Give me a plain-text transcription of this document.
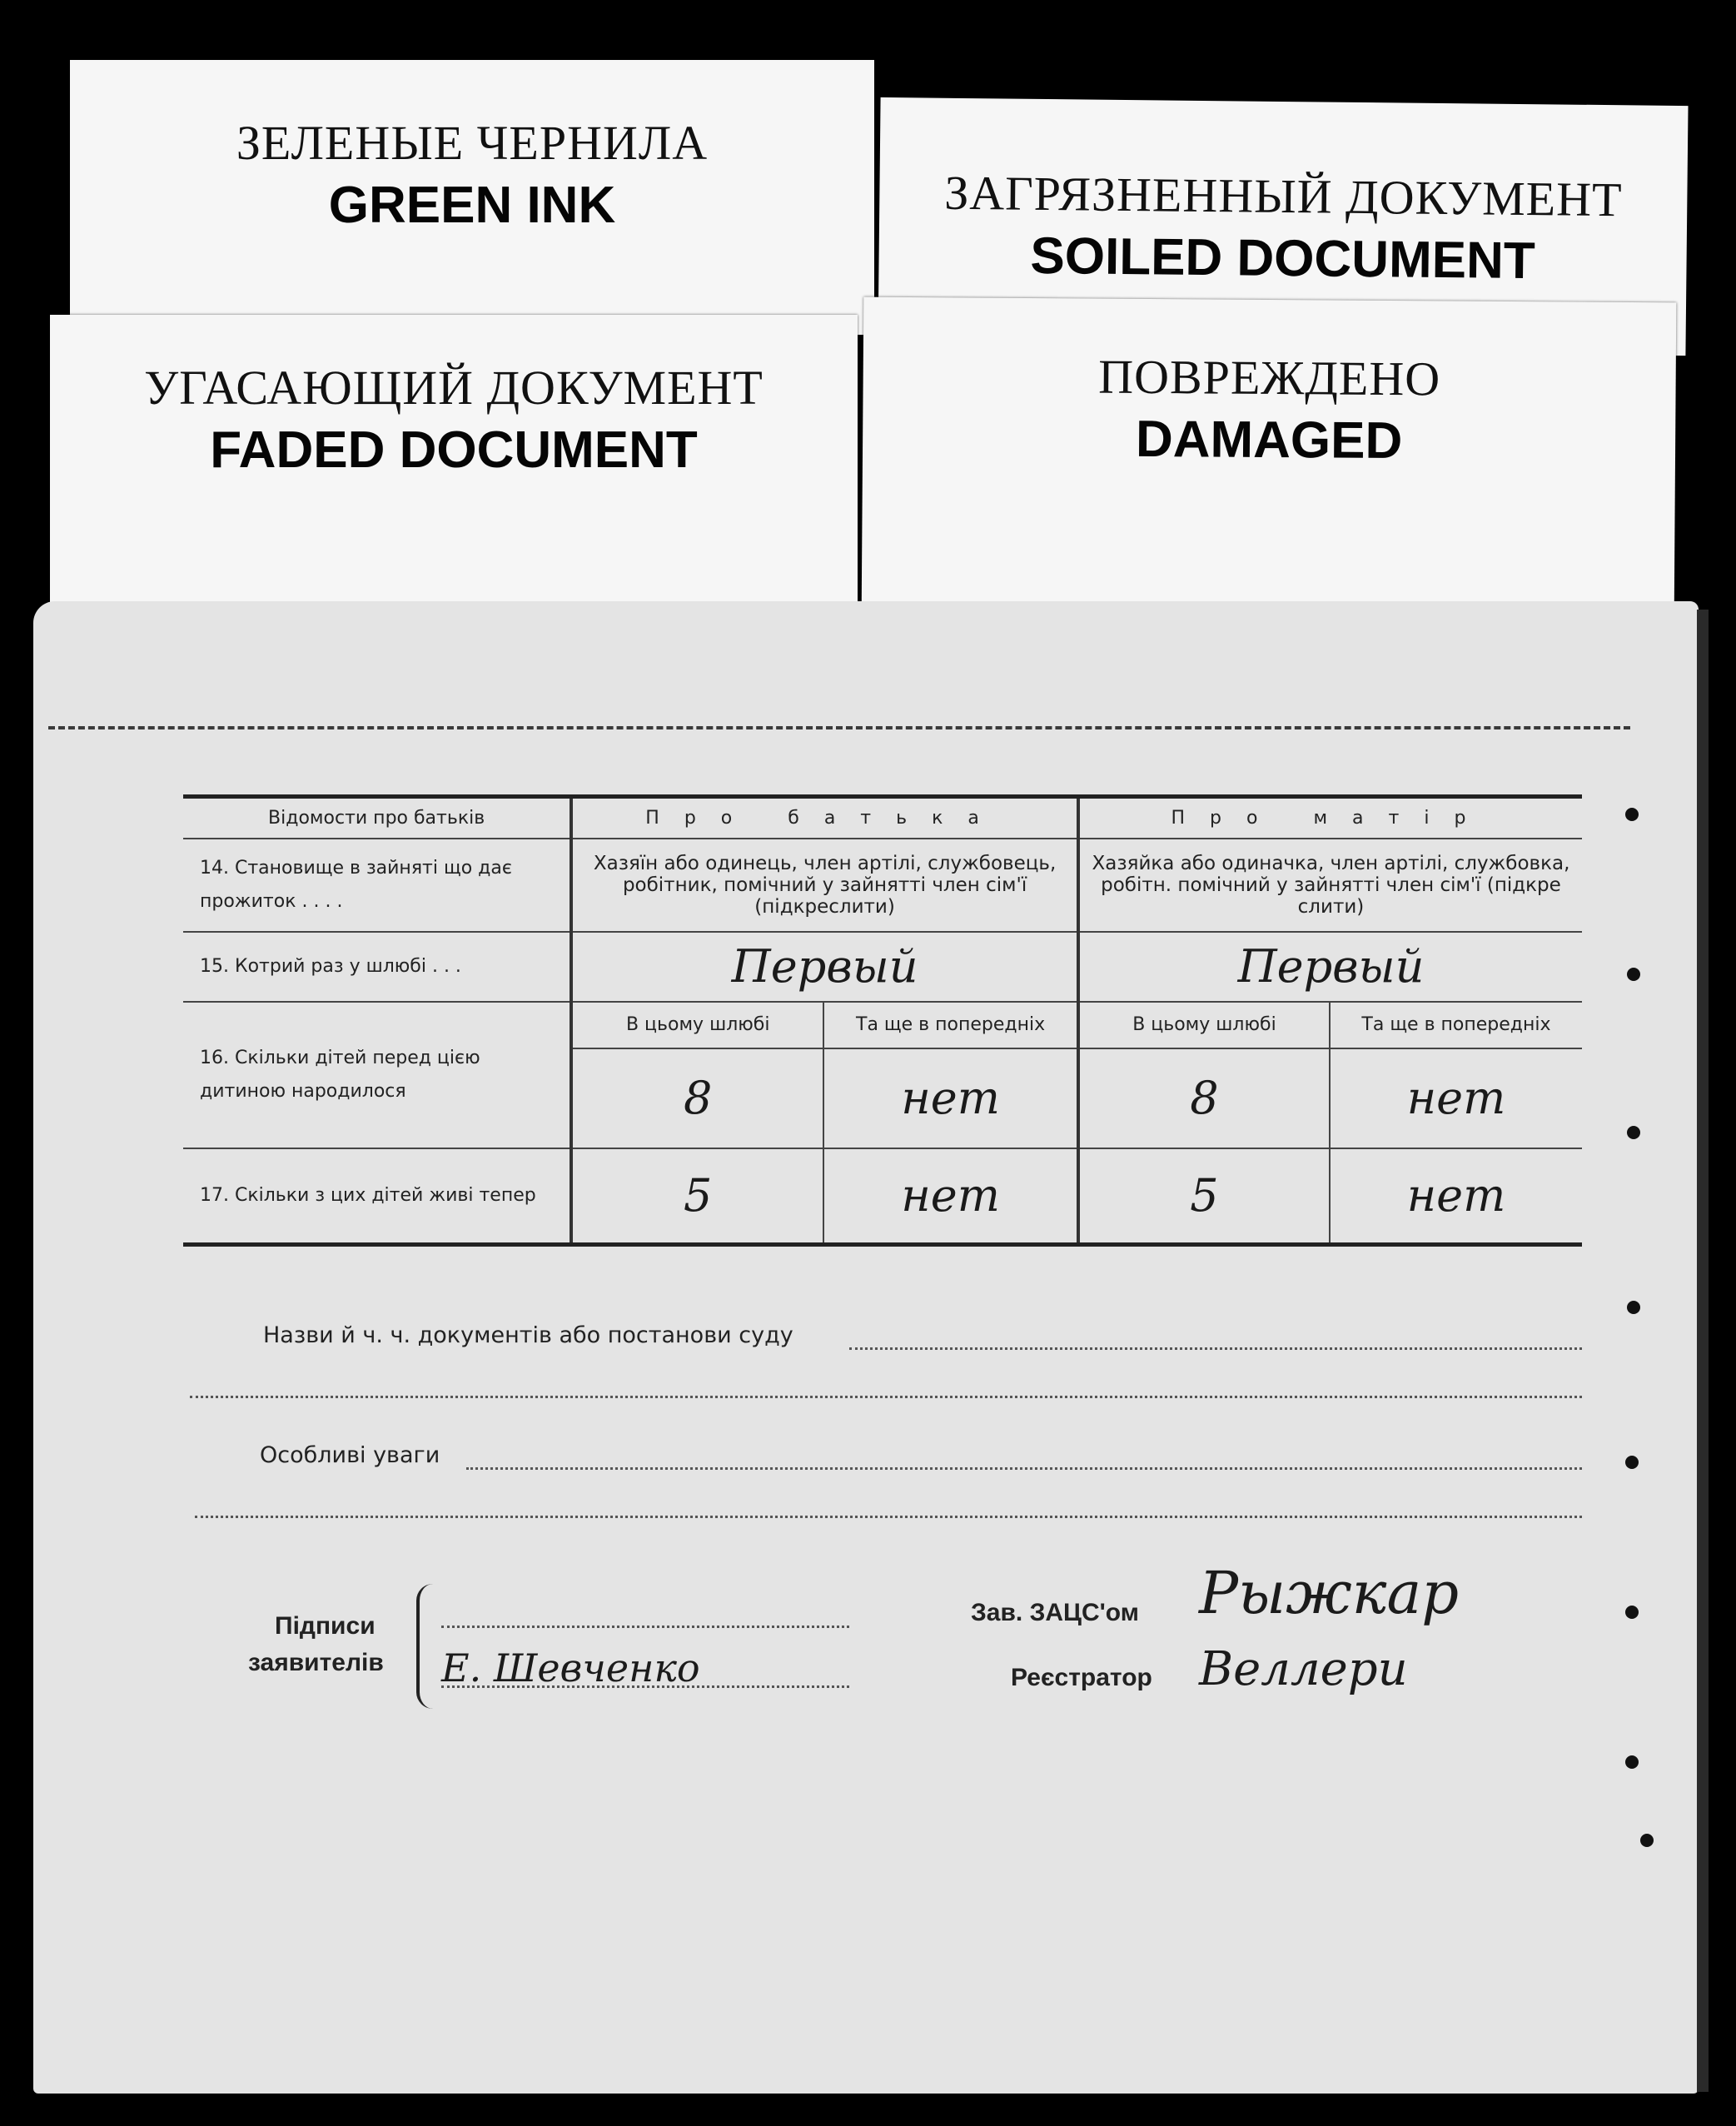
ЗЕЛЕНЫЕ ЧЕРНИЛА
GREEN INK	ЗАГРЯЗНЕННЫЙ ДОКУМЕНТ
SOILED DOCUMENT
УГАСАЮЩИЙ ДОКУМЕНТ
FADED DOCUMENT
ПОВРЕЖДЕНО
DAMAGED
Відомости про батьків	Про батька		Про матір	
14. Становище в зайняті що дає прожиток . . . .	Хазяїн або одинець, член артілі, службовець, робітник, помічний у зайнятті член сім'ї (підкреслити)		Хазяйка або одиначка, член артілі, службовка, робітн. помічний у зайнятті член сім'ї (підкре слити)	
15. Котрий раз у шлюбі . . .	Первый		Первый	
16. Скільки дітей перед цією дитиною народилося	В цьому шлюбі	Та ще в попередніх	В цьому шлюбі	Та ще в попередніх
	8	нет	8	нет
17. Скільки з цих дітей живі тепер	5	нет	5	нет
Назви й ч. ч. документів або постанови суду
Особливі уваги
Підписи
заявителів Е. Шевченко
Зав. ЗАЦС'ом Рыжкар
Реєстратор Веллери
